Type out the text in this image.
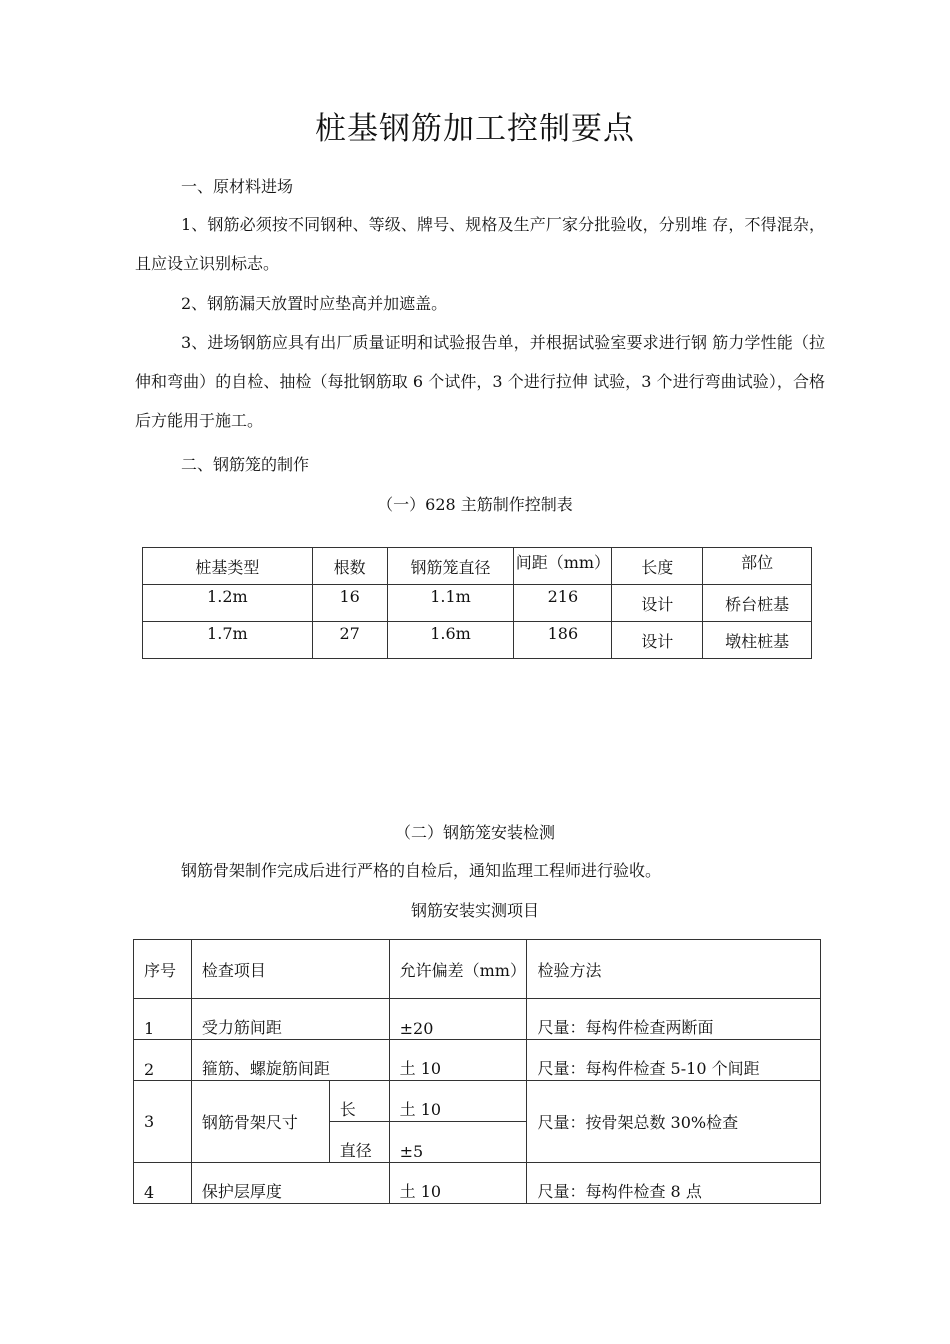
桩基钢筋加工控制要点
一、原材料进场
1、钢筋必须按不同钢种、等级、牌号、规格及生产厂家分批验收，分别堆 存，不得混杂，且应设立识别标志。
2、钢筋漏天放置时应垫高并加遮盖。
3、进场钢筋应具有出厂质量证明和试验报告单，并根据试验室要求进行钢 筋力学性能（拉伸和弯曲）的自检、抽检（每批钢筋取 6 个试件，3 个进行拉伸 试验，3 个进行弯曲试验），合格后方能用于施工。
二、钢筋笼的制作
（一）628 主筋制作控制表
桩基类型	根数	钢筋笼直径	间距（mm）	长度	部位
1.2m	16	1.1m	216	设计	桥台桩基
1.7m	27	1.6m	186	设计	墩柱桩基
（二）钢筋笼安装检测
钢筋骨架制作完成后进行严格的自检后，通知监理工程师进行验收。
钢筋安装实测项目
序号	检查项目		允许偏差（mm）	检验方法
1	受力筋间距		±20	尺量：每构件检查两断面
2	箍筋、螺旋筋间距		土 10	尺量：每构件检查 5-10 个间距
3	钢筋骨架尺寸	长	土 10	尺量：按骨架总数 30%检查
		直径	±5	
4	保护层厚度		土 10	尺量：每构件检查 8 点
